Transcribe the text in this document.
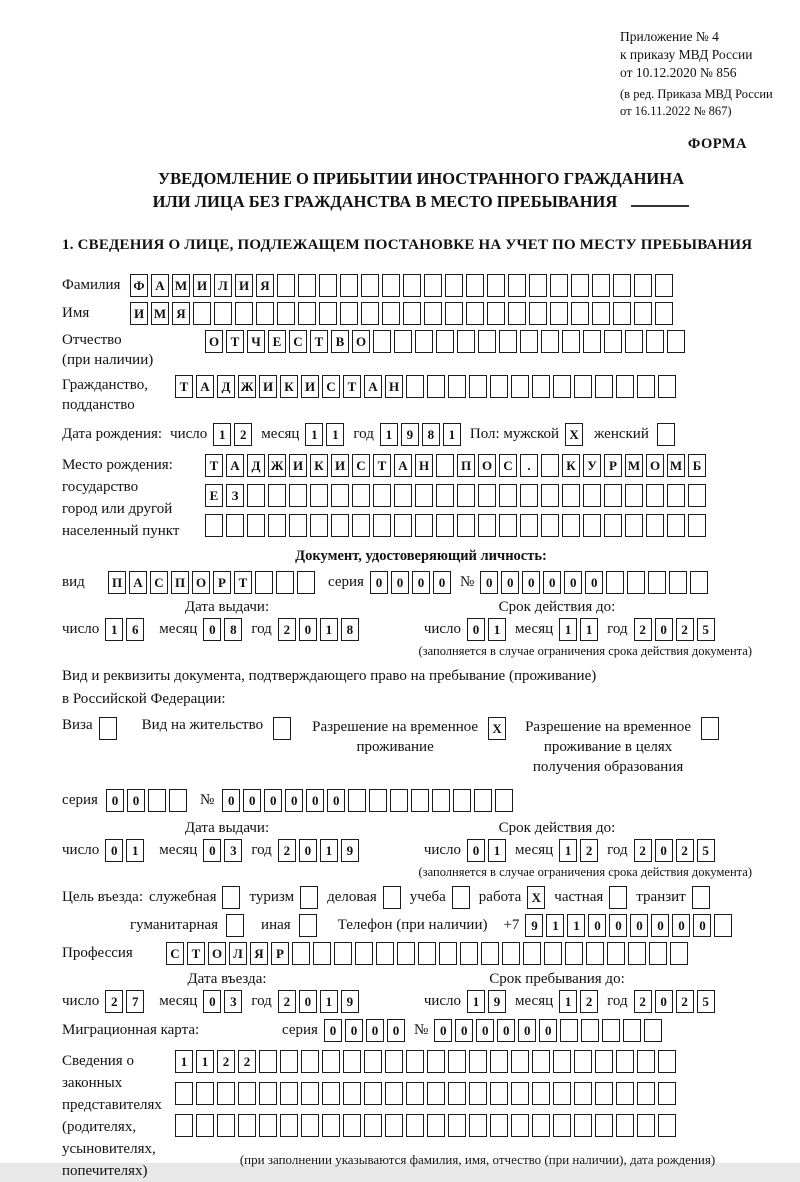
Приложение № 4
к приказу МВД России
от 10.12.2020 № 856
(в ред. Приказа МВД России
от 16.11.2022 № 867)
ФОРМА
УВЕДОМЛЕНИЕ О ПРИБЫТИИ ИНОСТРАННОГО ГРАЖДАНИНА
ИЛИ ЛИЦА БЕЗ ГРАЖДАНСТВА В МЕСТО ПРЕБЫВАНИЯ
1. СВЕДЕНИЯ О ЛИЦЕ, ПОДЛЕЖАЩЕМ ПОСТАНОВКЕ НА УЧЕТ ПО МЕСТУ ПРЕБЫВАНИЯ
Фамилия Ф А М И Л И Я
Имя	И М Я
Отчество
(при наличии)
О Т Ч Е С Т В О
Гражданство,
подданство
Т А Д Ж И К И С Т А Н
Дата рождения: число 1	2 месяц 1	1 год 1	9	8	1 Пол: мужской X женский
Место рождения:
государство
город или другой
населенный пункт
Т А Д Ж И К И С Т А Н	П О С	.	К У Р М О М Б

Е	З

Документ, удостоверяющий личность:
вид	П А С П О Р Т	серия 0	0	0	0 № 0	0	0	0	0	0
Дата выдачи:	Срок действия до:
число 1	6	месяц 0	8 год 2	0	1	8	число 0	1 месяц 1	1 год 2	0	2	5
(заполняется в случае ограничения срока действия документа)
Вид и реквизиты документа, подтверждающего право на пребывание (проживание)
в Российской Федерации:
Виза	Вид на жительство	Разрешение на временное
проживание
X Разрешение на временное
проживание в целях
получения образования
серия	0	0	№	0	0	0	0	0	0
Дата выдачи:	Срок действия до:
число 0	1	месяц 0	3 год 2	0	1	9	число 0	1 месяц 1	2 год 2	0	2	5
(заполняется в случае ограничения срока действия документа)
Цель въезда: служебная туризм деловая учеба работа X частная транзит
гуманитарная	иная	Телефон (при наличии) +7 9	1	1	0	0	0	0	0	0
Профессия	С Т О Л Я Р
Дата въезда:	Срок пребывания до:
число 2	7	месяц 0	3 год 2	0	1	9	число 1	9 месяц 1	2 год 2	0	2	5
Миграционная карта:	серия 0	0	0	0 № 0	0	0	0	0	0
Сведения о
законных
представителях
(родителях,
усыновителях,
попечителях)
1	1	2	2

(при заполнении указываются фамилия, имя, отчество (при наличии), дата рождения)
